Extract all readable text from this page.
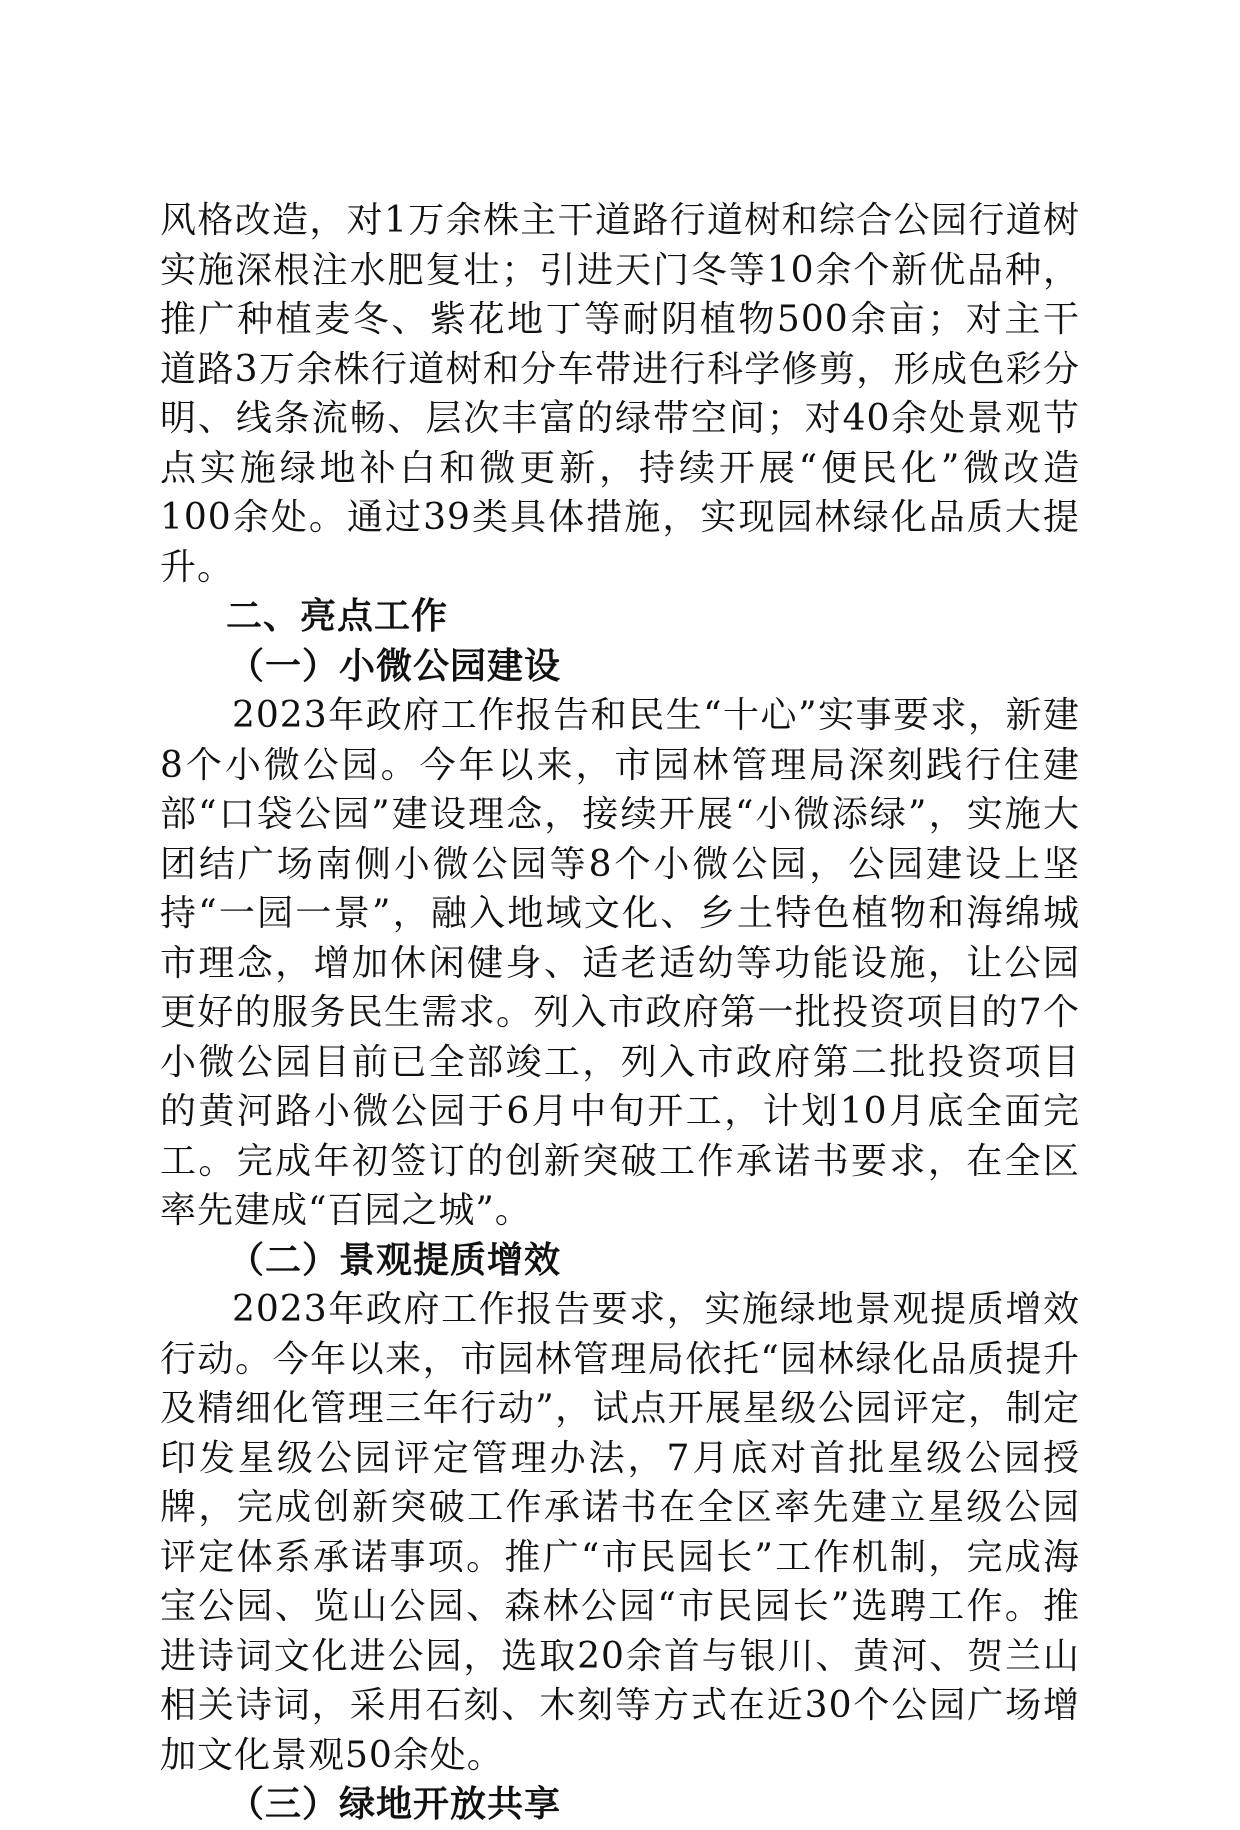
风格改造，对1万余株主干道路行道树和综合公园行道树实施深根注水肥复壮；引进天门冬等10余个新优品种，推广种植麦冬、紫花地丁等耐阴植物500余亩；对主干道路3万余株行道树和分车带进行科学修剪，形成色彩分明、线条流畅、层次丰富的绿带空间；对40余处景观节点实施绿地补白和微更新，持续开展“便民化”微改造100余处。通过39类具体措施，实现园林绿化品质大提升。

二、亮点工作
（一）小微公园建设

2023年政府工作报告和民生“十心”实事要求，新建8个小微公园。今年以来，市园林管理局深刻践行住建部“口袋公园”建设理念，接续开展“小微添绿”，实施大团结广场南侧小微公园等8个小微公园，公园建设上坚持“一园一景”，融入地域文化、乡土特色植物和海绵城市理念，增加休闲健身、适老适幼等功能设施，让公园更好的服务民生需求。列入市政府第一批投资项目的7个小微公园目前已全部竣工，列入市政府第二批投资项目的黄河路小微公园于6月中旬开工，计划10月底全面完工。完成年初签订的创新突破工作承诺书要求，在全区率先建成“百园之城”。

（二）景观提质增效

2023年政府工作报告要求，实施绿地景观提质增效行动。今年以来，市园林管理局依托“园林绿化品质提升及精细化管理三年行动”，试点开展星级公园评定，制定印发星级公园评定管理办法，7月底对首批星级公园授牌，完成创新突破工作承诺书在全区率先建立星级公园评定体系承诺事项。推广“市民园长”工作机制，完成海宝公园、览山公园、森林公园“市民园长”选聘工作。推进诗词文化进公园，选取20余首与银川、黄河、贺兰山相关诗词，采用石刻、木刻等方式在近30个公园广场增加文化景观50余处。

（三）绿地开放共享
